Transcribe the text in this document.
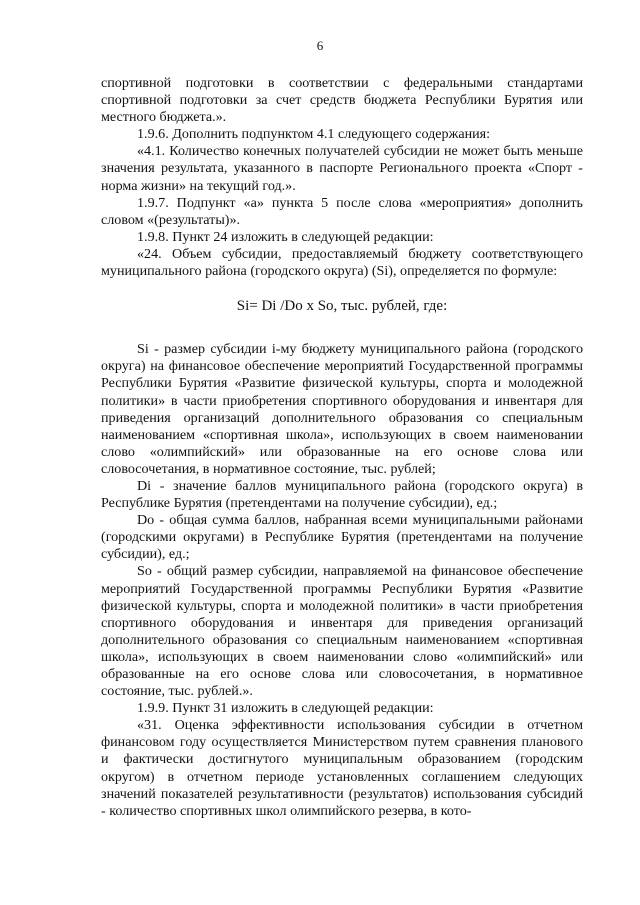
6

спортивной подготовки в соответствии с федеральными стандартами спортивной подготовки за счет средств бюджета Республики Бурятия или местного бюджета.».

1.9.6. Дополнить подпунктом 4.1 следующего содержания:

«4.1. Количество конечных получателей субсидии не может быть меньше значения результата, указанного в паспорте Регионального проекта «Спорт - норма жизни» на текущий год.».

1.9.7. Подпункт «а» пункта 5 после слова «мероприятия» дополнить словом «(результаты)».

1.9.8. Пункт 24 изложить в следующей редакции:

«24. Объем субсидии, предоставляемый бюджету соответствующего муниципального района (городского округа) (Si), определяется по формуле:

Si= Di /Do x So, тыс. рублей, где:

Si - размер субсидии i-му бюджету муниципального района (городского округа) на финансовое обеспечение мероприятий Государственной программы Республики Бурятия «Развитие физической культуры, спорта и молодежной политики» в части приобретения спортивного оборудования и инвентаря для приведения организаций дополнительного образования со специальным наименованием «спортивная школа», использующих в своем наименовании слово «олимпийский» или образованные на его основе слова или словосочетания, в нормативное состояние, тыс. рублей;

Di - значение баллов муниципального района (городского округа) в Республике Бурятия (претендентами на получение субсидии), ед.;

Do - общая сумма баллов, набранная всеми муниципальными районами (городскими округами) в Республике Бурятия (претендентами на получение субсидии), ед.;

So - общий размер субсидии, направляемой на финансовое обеспечение мероприятий Государственной программы Республики Бурятия «Развитие физической культуры, спорта и молодежной политики» в части приобретения спортивного оборудования и инвентаря для приведения организаций дополнительного образования со специальным наименованием «спортивная школа», использующих в своем наименовании слово «олимпийский» или образованные на его основе слова или словосочетания, в нормативное состояние, тыс. рублей.».

1.9.9. Пункт 31 изложить в следующей редакции:

«31. Оценка эффективности использования субсидии в отчетном финансовом году осуществляется Министерством путем сравнения планового и фактически достигнутого муниципальным образованием (городским округом) в отчетном периоде установленных соглашением следующих значений показателей результативности (результатов) использования субсидий - количество спортивных школ олимпийского резерва, в кото-
